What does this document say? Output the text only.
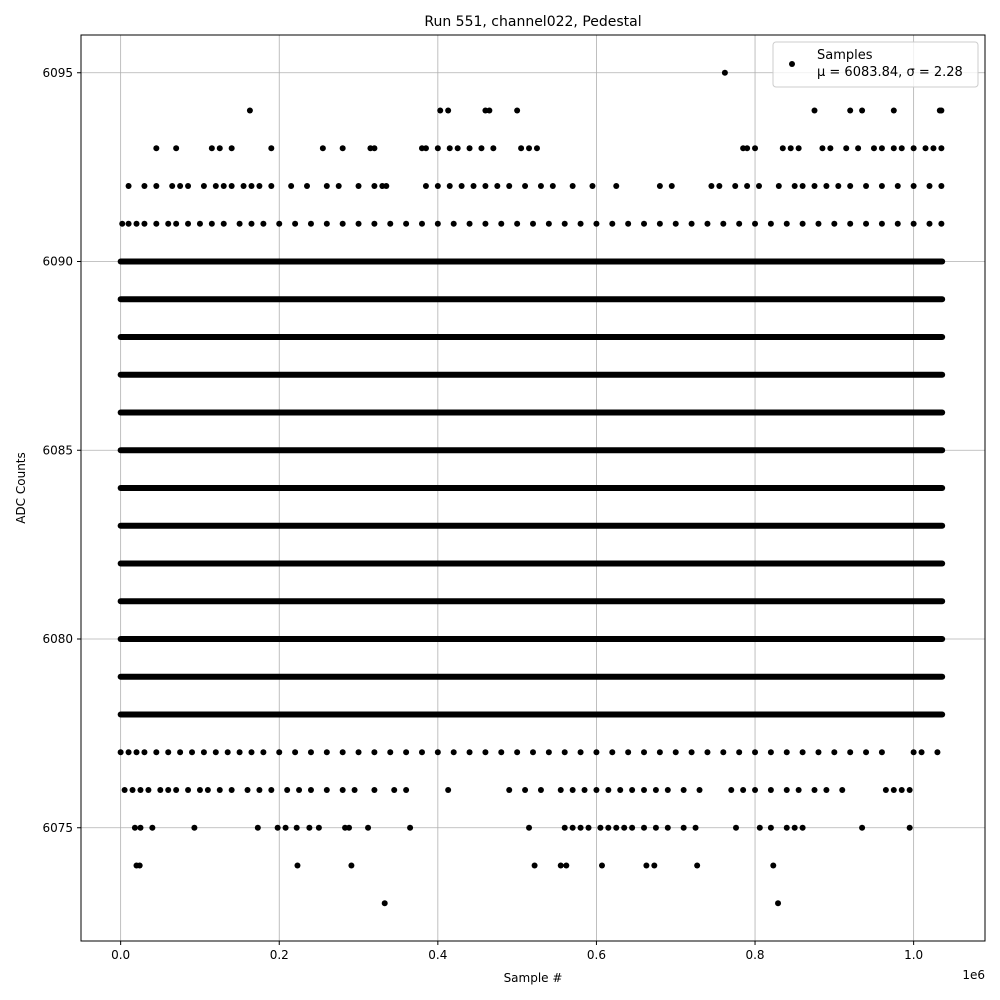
0.0	0.2	0.4	0.6	0.8	1.0
6075
6080
6085
6090
6095
Run 551, channel022, Pedestal
Sample #
ADC Counts
1e6
Samples
μ = 6083.84, σ = 2.28
